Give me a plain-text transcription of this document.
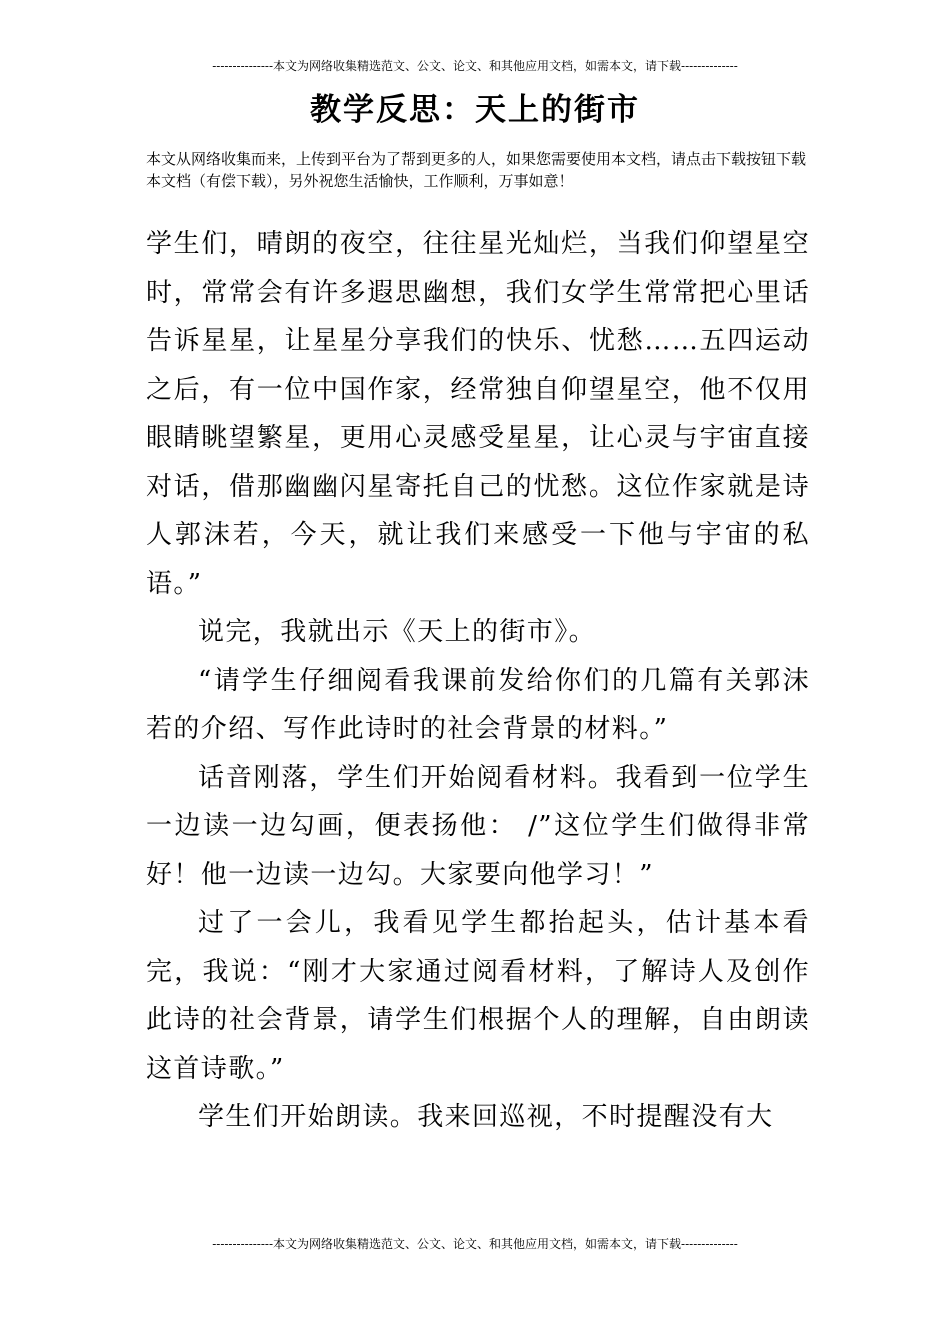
---------------本文为网络收集精选范文、公文、论文、和其他应用文档，如需本文，请下载--------------
教学反思：天上的街市

本文从网络收集而来，上传到平台为了帮到更多的人，如果您需要使用本文档，请点击下载按钮下载本文档（有偿下载），另外祝您生活愉快，工作顺利，万事如意！

学生们，晴朗的夜空，往往星光灿烂，当我们仰望星空时，常常会有许多遐思幽想，我们女学生常常把心里话告诉星星，让星星分享我们的快乐、忧愁……五四运动之后，有一位中国作家，经常独自仰望星空，他不仅用眼睛眺望繁星，更用心灵感受星星，让心灵与宇宙直接对话，借那幽幽闪星寄托自己的忧愁。这位作家就是诗人郭沫若，今天，就让我们来感受一下他与宇宙的私语。”

说完，我就出示《天上的街市》。

“请学生仔细阅看我课前发给你们的几篇有关郭沫若的介绍、写作此诗时的社会背景的材料。”

话音刚落，学生们开始阅看材料。我看到一位学生一边读一边勾画，便表扬他： /”这位学生们做得非常好！他一边读一边勾。大家要向他学习！”

过了一会儿，我看见学生都抬起头，估计基本看完，我说：“刚才大家通过阅看材料，了解诗人及创作此诗的社会背景，请学生们根据个人的理解，自由朗读这首诗歌。”

学生们开始朗读。我来回巡视，不时提醒没有大

---------------本文为网络收集精选范文、公文、论文、和其他应用文档，如需本文，请下载--------------
